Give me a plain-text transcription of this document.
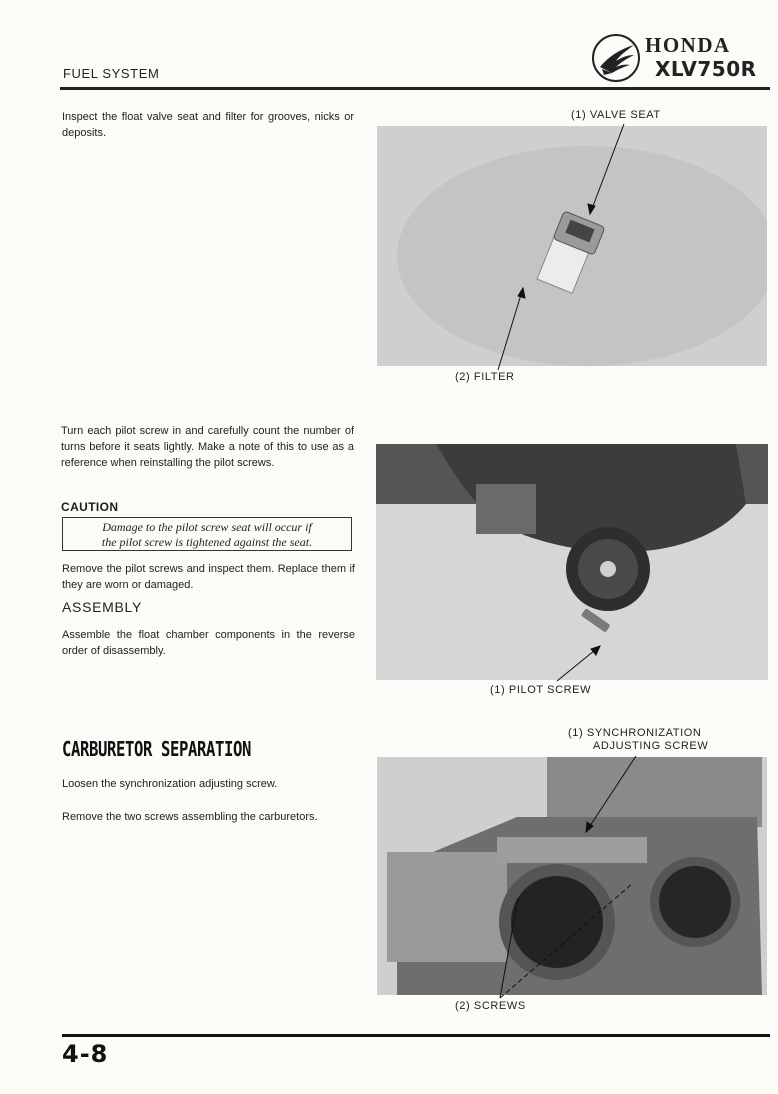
FUEL SYSTEM
HONDA
XLV750R
Inspect the float valve seat and filter for grooves, nicks or deposits.
Turn each pilot screw in and carefully count the number of turns before it seats lightly. Make a note of this to use as a reference when reinstalling the pilot screws.
CAUTION
Damage to the pilot screw seat will occur if
the pilot screw is tightened against the seat.
Remove the pilot screws and inspect them. Replace them if they are worn or damaged.
ASSEMBLY
Assemble the float chamber components in the reverse order of disassembly.
CARBURETOR SEPARATION
Loosen the synchronization adjusting screw.
Remove the two screws assembling the carburetors.
(1) VALVE SEAT
(2) FILTER
(1) PILOT SCREW
(1) SYNCHRONIZATION
ADJUSTING SCREW
(2) SCREWS
4-8
